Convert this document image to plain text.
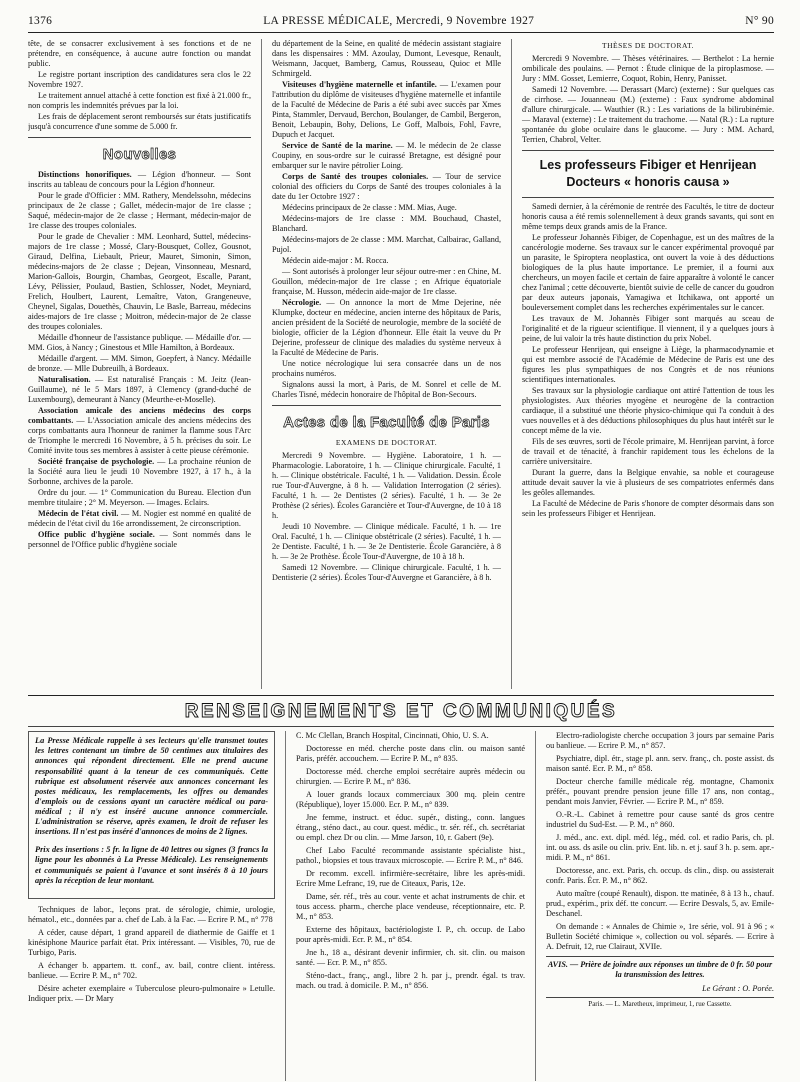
1376	LA PRESSE MÉDICALE, Mercredi, 9 Novembre 1927	N° 90

tête, de se consacrer exclusivement à ses fonctions et de ne prétendre, en conséquence, à aucune autre fonction ou mandat public.

Le registre portant inscription des candidatures sera clos le 22 Novembre 1927.

Le traitement annuel attaché à cette fonction est fixé à 21.000 fr., non compris les indemnités prévues par la loi.

Les frais de déplacement seront remboursés sur états justificatifs jusqu'à concurrence d'une somme de 5.000 fr.

Nouvelles

Distinctions honorifiques. — Légion d'honneur. — Sont inscrits au tableau de concours pour la Légion d'honneur.

Pour le grade d'Officier : MM. Rathery, Mendelssohn, médecins principaux de 2e classe ; Gallet, médecin-major de 1re classe ; Saqué, médecin-major de 2e classe ; Hermant, médecin-major de 1re classe des troupes coloniales.

Pour le grade de Chevalier : MM. Leonhard, Suttel, médecins-majors de 1re classe ; Mossé, Clary-Bousquet, Collez, Gousnot, Giraud, Delfina, Liebault, Prieur, Mauret, Simonin, Simon, médecins-majors de 2e classe ; Dejean, Vinsonneau, Mesnard, Marion-Gallois, Bourgin, Chambas, Georgeot, Escalle, Parant, Lévy, Pélissier, Poulaud, Bastien, Schlosser, Nodet, Meyniard, Frelich, Houlbert, Laurent, Lemaître, Vaton, Grangeneuve, Cheynel, Sigalas, Douethès, Chauvin, Le Basle, Barreau, médecins aides-majors de 1re classe ; Moitron, médecin-major de 2e classe des troupes coloniales.

Médaille d'honneur de l'assistance publique. — Médaille d'or. — MM. Gios, à Nancy ; Ginestous et Mlle Hamilton, à Bordeaux.

Médaille d'argent. — MM. Simon, Goepfert, à Nancy. Médaille de bronze. — Mlle Dubreuilh, à Bordeaux.

Naturalisation. — Est naturalisé Français : M. Jeitz (Jean-Guillaume), né le 5 Mars 1897, à Clemency (grand-duché de Luxembourg), demeurant à Nancy (Meurthe-et-Moselle).

Association amicale des anciens médecins des corps combattants. — L'Association amicale des anciens médecins des corps combattants aura l'honneur de ranimer la flamme sous l'Arc de Triomphe le mercredi 16 Novembre, à 5 h. précises du soir. Le Comité invite tous ses membres à assister à cette pieuse cérémonie.

Société française de psychologie. — La prochaine réunion de la Société aura lieu le jeudi 10 Novembre 1927, à 17 h., à la Sorbonne, archives de la parole.

Ordre du jour. — 1° Communication du Bureau. Election d'un membre titulaire ; 2° M. Meyerson. — Images. Eclairs.

Médecin de l'état civil. — M. Nogier est nommé en qualité de médecin de l'état civil du 16e arrondissement, 2e circonscription.

Office public d'hygiène sociale. — Sont nommés dans le personnel de l'Office public d'hygiène sociale

du département de la Seine, en qualité de médecin assistant stagiaire dans les dispensaires : MM. Azoulay, Dumont, Levesque, Renault, Weismann, Jacquet, Bamberg, Camus, Rousseau, Quioc et Mlle Schmirgeld.

Visiteuses d'hygiène maternelle et infantile. — L'examen pour l'attribution du diplôme de visiteuses d'hygiène maternelle et infantile de la Faculté de Médecine de Paris a été subi avec succès par Xmes Pinta, Stammler, Dervaud, Berchon, Boulanger, de Cambil, Bergeron, Benoit, Lebaupin, Bohy, Delions, Le Goff, Malbois, Fohl, Favre, Dupuch et Jacquet.

Service de Santé de la marine. — M. le médecin de 2e classe Coupiny, en sous-ordre sur le cuirassé Bretagne, est désigné pour embarquer sur le navire pétrolier Loing.

Corps de Santé des troupes coloniales. — Tour de service colonial des officiers du Corps de Santé des troupes coloniales à la date du 1er Octobre 1927 :

Médecins principaux de 2e classe : MM. Mias, Auge.

Médecins-majors de 1re classe : MM. Bouchaud, Chastel, Blanchard.

Médecins-majors de 2e classe : MM. Marchat, Calbairac, Galland, Pujol.

Médecin aide-major : M. Rocca.

— Sont autorisés à prolonger leur séjour outre-mer : en Chine, M. Gouillon, médecin-major de 1re classe ; en Afrique équatoriale française, M. Husson, médecin aide-major de 1re classe.

Nécrologie. — On annonce la mort de Mme Dejerine, née Klumpke, docteur en médecine, ancien interne des hôpitaux de Paris, ancien président de la Société de neurologie, membre de la société de biologie, officier de la Légion d'honneur. Elle était la veuve du Pr Dejerine, professeur de clinique des maladies du système nerveux à la Faculté de Médecine de Paris.

Une notice nécrologique lui sera consacrée dans un de nos prochains numéros.

Signalons aussi la mort, à Paris, de M. Sonrel et celle de M. Charles Tisné, médecin honoraire de l'hôpital de Bon-Secours.

Actes de la Faculté de Paris
EXAMENS DE DOCTORAT.

Mercredi 9 Novembre. — Hygiène. Laboratoire, 1 h. — Pharmacologie. Laboratoire, 1 h. — Clinique chirurgicale. Faculté, 1 h. — Clinique obstétricale. Faculté, 1 h. — Validation. Dessin. École rue Tour-d'Auvergne, à 8 h. — Validation Interrogation (2 séries). Faculté, 1 h. — 2e Dentistes (2 séries). Faculté, 1 h. — 3e 2e Prothèse (2 séries). Écoles Garancière et Tour-d'Auvergne, de 10 à 18 h.

Jeudi 10 Novembre. — Clinique médicale. Faculté, 1 h. — 1re Oral. Faculté, 1 h. — Clinique obstétricale (2 séries). Faculté, 1 h. — 2e Dentiste. Faculté, 1 h. — 3e 2e Dentisterie. École Garancière, à 8 h. — 3e 2e Prothèse. École Tour-d'Auvergne, de 10 à 18 h.

Samedi 12 Novembre. — Clinique chirurgicale. Faculté, 1 h. — Dentisterie (2 séries). Écoles Tour-d'Auvergne et Garancière, à 8 h.

THÈSES DE DOCTORAT.

Mercredi 9 Novembre. — Thèses vétérinaires. — Berthelot : La hernie ombilicale des poulains. — Pernot : Étude clinique de la piroplasmose. — Jury : MM. Gosset, Lemierre, Coquot, Robin, Henry, Panisset.

Samedi 12 Novembre. — Derassart (Marc) (externe) : Sur quelques cas de cirrhose. — Jouanneau (M.) (externe) : Faux syndrome abdominal d'allure chirurgicale. — Wauthier (R.) : Les variations de la bilirubinémie. — Maraval (externe) : Le traitement du trachome. — Natal (R.) : La rupture spontanée du globe oculaire dans le glaucome. — Jury : MM. Achard, Terrien, Chabrol, Velter.

Les professeurs Fibiger et Henrijean
Docteurs « honoris causa »

Samedi dernier, à la cérémonie de rentrée des Facultés, le titre de docteur honoris causa a été remis solennellement à deux grands savants, qui sont en même temps deux grands amis de la France.

Le professeur Johannès Fibiger, de Copenhague, est un des maîtres de la cancérologie moderne. Ses travaux sur le cancer expérimental provoqué par un parasite, le Spiroptera neoplastica, ont ouvert la voie à des déductions biologiques de la plus haute importance. Le premier, il a fourni aux chercheurs, un moyen facile et certain de faire apparaître à volonté le cancer chez l'animal ; cette découverte, bientôt suivie de celle de cancer du goudron par deux auteurs japonais, Yamagiwa et Itchikawa, ont apporté un bouleversement complet dans les recherches expérimentales sur le cancer.

Les travaux de M. Johannès Fibiger sont marqués au sceau de l'originalité et de la rigueur scientifique. Il viennent, il y a quelques jours à peine, de lui valoir la très haute distinction du prix Nobel.

Le professeur Henrijean, qui enseigne à Liège, la pharmacodynamie et qui est membre associé de l'Académie de Médecine de Paris est une des figures les plus sympathiques de nos Congrès et de nos réunions scientifiques internationales.

Ses travaux sur la physiologie cardiaque ont attiré l'attention de tous les physiologistes. Aux théories myogène et neurogène de la contraction cardiaque, il a substitué une théorie physico-chimique qui l'a conduit à des vues nouvelles et à des déductions philosophiques du plus haut intérêt sur le concept même de la vie.

Fils de ses œuvres, sorti de l'école primaire, M. Henrijean parvint, à force de travail et de ténacité, à franchir rapidement tous les échelons de la carrière universitaire.

Durant la guerre, dans la Belgique envahie, sa noble et courageuse attitude devait sauver la vie à plusieurs de ses compatriotes enfermés dans les geôles allemandes.

La Faculté de Médecine de Paris s'honore de compter désormais dans son sein les professeurs Fibiger et Henrijean.

RENSEIGNEMENTS ET COMMUNIQUÉS

La Presse Médicale rappelle à ses lecteurs qu'elle transmet toutes les lettres contenant un timbre de 50 centimes aux titulaires des annonces qui répondent directement. Elle ne prend aucune responsabilité quant à la teneur de ces communiqués. Cette rubrique est absolument réservée aux annonces concernant les postes médicaux, les remplacements, les offres ou demandes d'emplois ou de cessions ayant un caractère médical ou para-médical ; il n'y est inséré aucune annonce commerciale. L'administration se réserve, après examen, le droit de refuser les insertions. Il n'est pas inséré d'annonces de moins de 2 lignes.

Prix des insertions : 5 fr. la ligne de 40 lettres ou signes (3 francs la ligne pour les abonnés à La Presse Médicale). Les renseignements et communiqués se paient à l'avance et sont insérés 8 à 10 jours après la réception de leur montant.

Techniques de labor., leçons prat. de sérologie, chimie, urologie, hématol., etc., données par a. chef de Lab. à la Fac. — Ecrire P. M., n° 778

A céder, cause départ, 1 grand appareil de diathermie de Gaiffe et 1 kinésiphone Maurice parfait état. Prix intéressant. — Visibles, 70, rue de Turbigo, Paris.

A échanger b. appartem. tt. conf., av. bail, contre client. intéress. banlieue. — Ecrire P. M., n° 702.

Désire acheter exemplaire « Tuberculose pleuro-pulmonaire » Letulle. Indiquer prix. — Dr Mary

C. Mc Clellan, Branch Hospital, Cincinnati, Ohio, U. S. A.

Doctoresse en méd. cherche poste dans clin. ou maison santé Paris, préfér. accouchem. — Ecrire P. M., n° 835.

Doctoresse méd. cherche emploi secrétaire auprès médecin ou chirurgien. — Ecrire P. M., n° 836.

A louer grands locaux commerciaux 300 mq. plein centre (République), loyer 15.000. Ecr. P. M., n° 839.

Jne femme, instruct. et éduc. supér., disting., conn. langues étrang., sténo dact., au cour. quest. médic., tr. sér. réf., ch. secrétariat ou empl. chez Dr ou clin. — Mme Jarson, 10, r. Gabert (9e).

Chef Labo Faculté recommande assistante spécialiste hist., pathol., biopsies et tous travaux microscopie. — Ecrire P. M., n° 846.

Dr recomm. excell. infirmière-secrétaire, libre les après-midi. Ecrire Mme Lefranc, 19, rue de Citeaux, Paris, 12e.

Dame, sér. réf., très au cour. vente et achat instruments de chir. et tous access. pharm., cherche place vendeuse, réceptionnaire, etc. P. M., n° 853.

Externe des hôpitaux, bactériologiste I. P., ch. occup. de Labo pour après-midi. Ecr. P. M., n° 854.

Jne h., 18 a., désirant devenir infirmier, ch. sit. clin. ou maison santé. — Ecr. P. M., n° 855.

Sténo-dact., franç., angl., libre 2 h. par j., prendr. égal. ts trav. mach. ou trad. à domicile. P. M., n° 856.

Electro-radiologiste cherche occupation 3 jours par semaine Paris ou banlieue. — Ecrire P. M., n° 857.

Psychiatre, dipl. étr., stage pl. ann. serv. franç., ch. poste assist. ds maison santé. Ecr. P. M., n° 858.

Docteur cherche famille médicale rég. montagne, Chamonix préfér., pouvant prendre pension jeune fille 17 ans, non contag., pendant mois Janvier, Février. — Ecrire P. M., n° 859.

O.-R.-L. Cabinet à remettre pour cause santé ds gros centre industriel du Sud-Est. — P. M., n° 860.

J. méd., anc. ext. dipl. méd. lég., méd. col. et radio Paris, ch. pl. int. ou ass. ds asile ou clin. priv. Ent. lib. n. et j. sauf 3 h. p. sem. apr.-midi. P. M., n° 861.

Doctoresse, anc. ext. Paris, ch. occup. ds clin., disp. ou assisterait confr. Paris. Écr. P. M., n° 862.

Auto maître (coupé Renault), dispon. tte matinée, 8 à 13 h., chauf. prud., expérim., prix déf. tte concurr. — Ecrire Desvals, 5, av. Emile-Deschanel.

On demande : « Annales de Chimie », 1re série, vol. 91 à 96 ; « Bulletin Société chimique », collection ou vol. séparés. — Ecrire à A. Defruit, 12, rue Clairaut, XVIIe.

AVIS. — Prière de joindre aux réponses un timbre de 0 fr. 50 pour la transmission des lettres.
Le Gérant : O. Porée.
Paris. — L. Maretheux, imprimeur, 1, rue Cassette.
